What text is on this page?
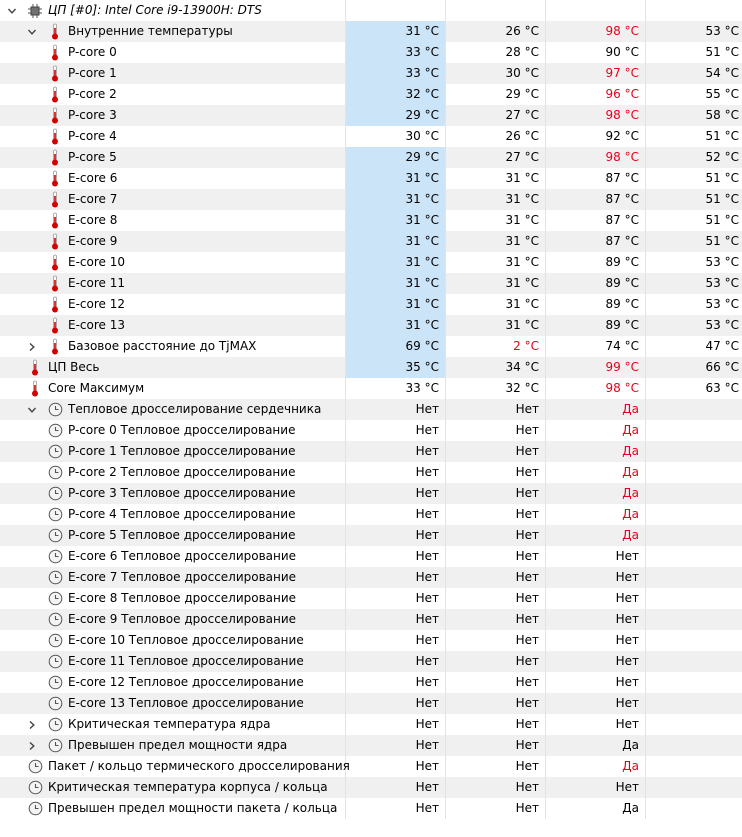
ЦП [#0]: Intel Core i9-13900H: DTS
Внутренние температуры	31 °C	26 °C	98 °C	53 °C
P-core 0	33 °C	28 °C	90 °C	51 °C
P-core 1	33 °C	30 °C	97 °C	54 °C
P-core 2	32 °C	29 °C	96 °C	55 °C
P-core 3	29 °C	27 °C	98 °C	58 °C
P-core 4	30 °C	26 °C	92 °C	51 °C
P-core 5	29 °C	27 °C	98 °C	52 °C
E-core 6	31 °C	31 °C	87 °C	51 °C
E-core 7	31 °C	31 °C	87 °C	51 °C
E-core 8	31 °C	31 °C	87 °C	51 °C
E-core 9	31 °C	31 °C	87 °C	51 °C
E-core 10	31 °C	31 °C	89 °C	53 °C
E-core 11	31 °C	31 °C	89 °C	53 °C
E-core 12	31 °C	31 °C	89 °C	53 °C
E-core 13	31 °C	31 °C	89 °C	53 °C
Базовое расстояние до TjMAX	69 °C	2 °C	74 °C	47 °C
ЦП Весь	35 °C	34 °C	99 °C	66 °C
Core Максимум	33 °C	32 °C	98 °C	63 °C
Тепловое дросселирование сердечника	Нет	Нет	Да
P-core 0 Тепловое дросселирование	Нет	Нет	Да
P-core 1 Тепловое дросселирование	Нет	Нет	Да
P-core 2 Тепловое дросселирование	Нет	Нет	Да
P-core 3 Тепловое дросселирование	Нет	Нет	Да
P-core 4 Тепловое дросселирование	Нет	Нет	Да
P-core 5 Тепловое дросселирование	Нет	Нет	Да
E-core 6 Тепловое дросселирование	Нет	Нет	Нет
E-core 7 Тепловое дросселирование	Нет	Нет	Нет
E-core 8 Тепловое дросселирование	Нет	Нет	Нет
E-core 9 Тепловое дросселирование	Нет	Нет	Нет
E-core 10 Тепловое дросселирование	Нет	Нет	Нет
E-core 11 Тепловое дросселирование	Нет	Нет	Нет
E-core 12 Тепловое дросселирование	Нет	Нет	Нет
E-core 13 Тепловое дросселирование	Нет	Нет	Нет
Критическая температура ядра	Нет	Нет	Нет
Превышен предел мощности ядра	Нет	Нет	Да
Пакет / кольцо термического дросселирования	Нет	Нет	Да
Критическая температура корпуса / кольца	Нет	Нет	Нет
Превышен предел мощности пакета / кольца	Нет	Нет	Да
